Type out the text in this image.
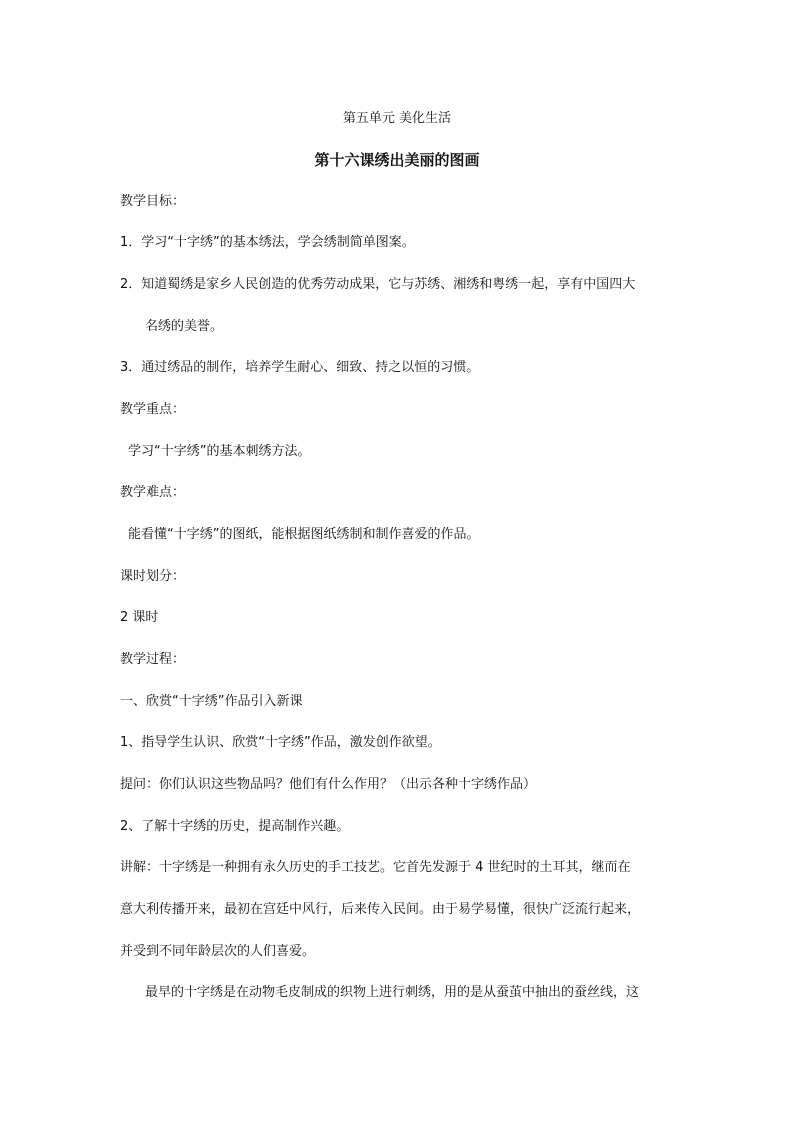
第五单元 美化生活
第十六课绣出美丽的图画
教学目标：
1．学习“十字绣”的基本绣法，学会绣制简单图案。
2．知道蜀绣是家乡人民创造的优秀劳动成果，它与苏绣、湘绣和粤绣一起，享有中国四大
名绣的美誉。
3．通过绣品的制作，培养学生耐心、细致、持之以恒的习惯。
教学重点：
学习“十字绣”的基本刺绣方法。
教学难点：
能看懂“十字绣”的图纸，能根据图纸绣制和制作喜爱的作品。
课时划分：
2 课时
教学过程：
一、欣赏“十字绣”作品引入新课
1、指导学生认识、欣赏“十字绣”作品，激发创作欲望。
提问：你们认识这些物品吗？他们有什么作用？（出示各种十字绣作品）
2、了解十字绣的历史，提高制作兴趣。
讲解：十字绣是一种拥有永久历史的手工技艺。它首先发源于 4 世纪时的土耳其，继而在
意大利传播开来，最初在宫廷中风行，后来传入民间。由于易学易懂，很快广泛流行起来，
并受到不同年龄层次的人们喜爱。
最早的十字绣是在动物毛皮制成的织物上进行刺绣，用的是从蚕茧中抽出的蚕丝线，这
